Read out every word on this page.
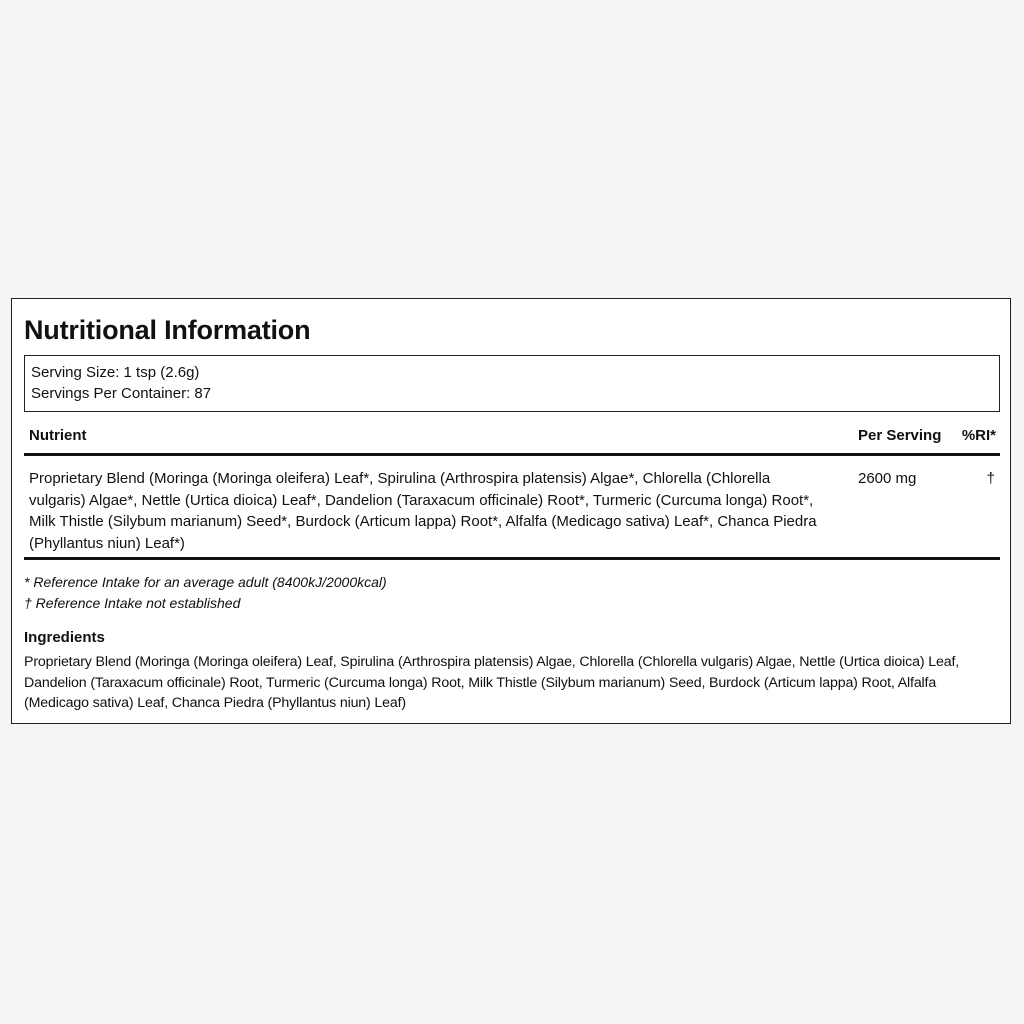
Nutritional Information
Serving Size: 1 tsp (2.6g)
Servings Per Container: 87
Nutrient	Per Serving %RI*
Proprietary Blend (Moringa (Moringa oleifera) Leaf*, Spirulina (Arthrospira platensis) Algae*, Chlorella (Chlorella vulgaris) Algae*, Nettle (Urtica dioica) Leaf*, Dandelion (Taraxacum officinale) Root*, Turmeric (Curcuma longa) Root*, Milk Thistle (Silybum marianum) Seed*, Burdock (Articum lappa) Root*, Alfalfa (Medicago sativa) Leaf*, Chanca Piedra (Phyllantus niun) Leaf*)
2600 mg	†
* Reference Intake for an average adult (8400kJ/2000kcal)
† Reference Intake not established
Ingredients
Proprietary Blend (Moringa (Moringa oleifera) Leaf, Spirulina (Arthrospira platensis) Algae, Chlorella (Chlorella vulgaris) Algae, Nettle (Urtica dioica) Leaf, Dandelion (Taraxacum officinale) Root, Turmeric (Curcuma longa) Root, Milk Thistle (Silybum marianum) Seed, Burdock (Articum lappa) Root, Alfalfa (Medicago sativa) Leaf, Chanca Piedra (Phyllantus niun) Leaf)
